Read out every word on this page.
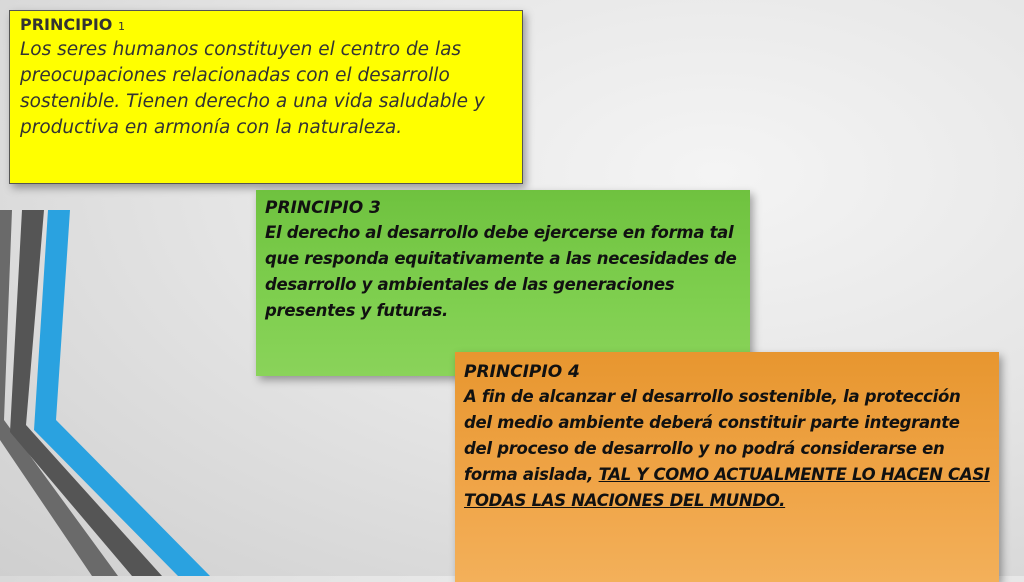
PRINCIPIO 1
Los seres humanos constituyen el centro de las preocupaciones relacionadas con el desarrollo sostenible. Tienen derecho a una vida saludable y productiva en armonía con la naturaleza.
PRINCIPIO 3
El derecho al desarrollo debe ejercerse en forma tal que responda equitativamente a las necesidades de desarrollo y ambientales de las generaciones presentes y futuras.
PRINCIPIO 4
A fin de alcanzar el desarrollo sostenible, la protección del medio ambiente deberá constituir parte integrante del proceso de desarrollo y no podrá considerarse en forma aislada, TAL Y COMO ACTUALMENTE LO HACEN CASI TODAS LAS NACIONES DEL MUNDO.
